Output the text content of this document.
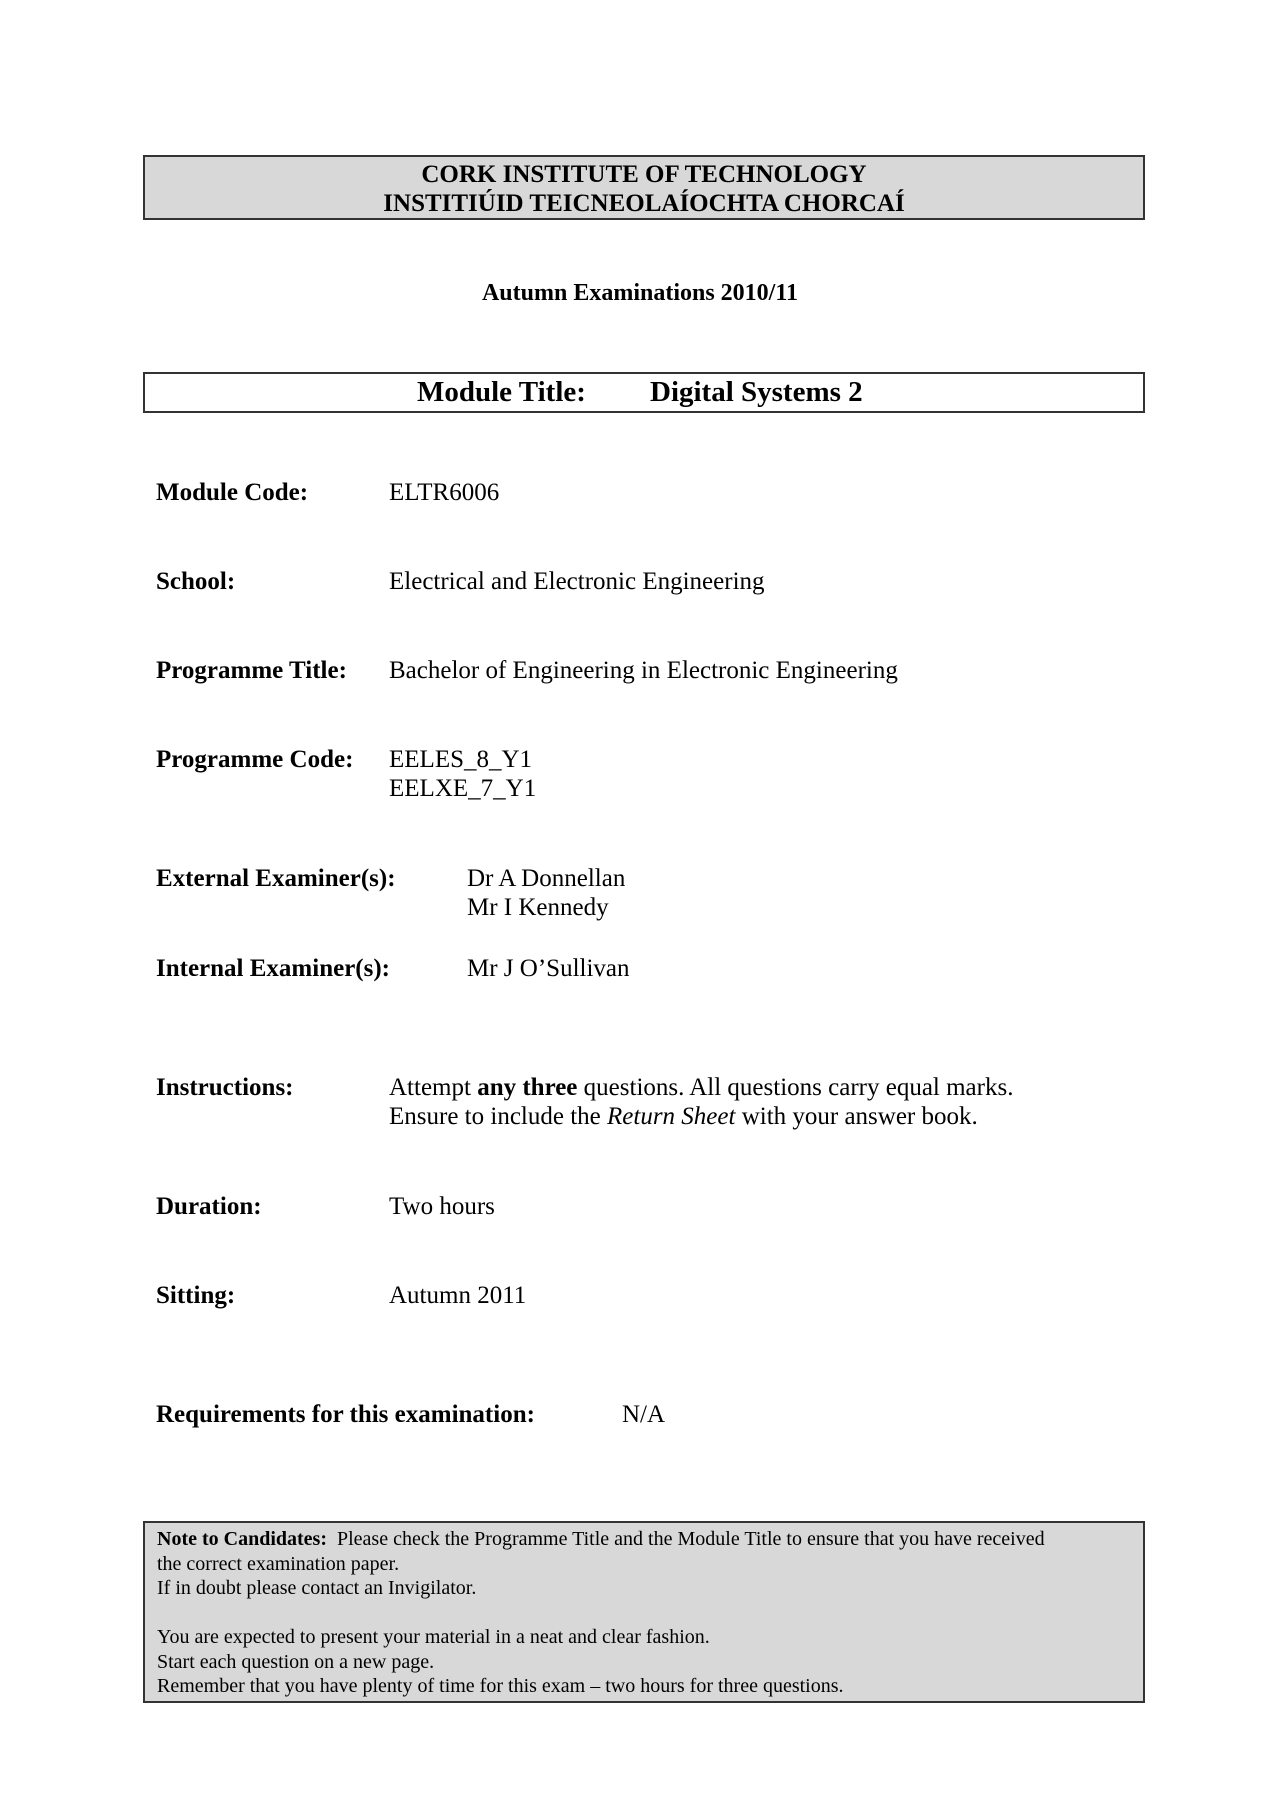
CORK INSTITUTE OF TECHNOLOGY
INSTITIÚID TEICNEOLAÍOCHTA CHORCAÍ
Autumn Examinations 2010/11
Module Title: Digital Systems 2
Module Code:	ELTR6006
School:	Electrical and Electronic Engineering
Programme Title: Bachelor of Engineering in Electronic Engineering
Programme Code: EELES_8_Y1
EELXE_7_Y1
External Examiner(s):	Dr A Donnellan
Mr I Kennedy
Internal Examiner(s):	Mr J O’Sullivan
Instructions:	Attempt any three questions. All questions carry equal marks.
Ensure to include the Return Sheet with your answer book.
Duration:	Two hours
Sitting:	Autumn 2011
Requirements for this examination:	N/A
Note to Candidates:  Please check the Programme Title and the Module Title to ensure that you have received
the correct examination paper.
If in doubt please contact an Invigilator.
You are expected to present your material in a neat and clear fashion.
Start each question on a new page.
Remember that you have plenty of time for this exam – two hours for three questions.
